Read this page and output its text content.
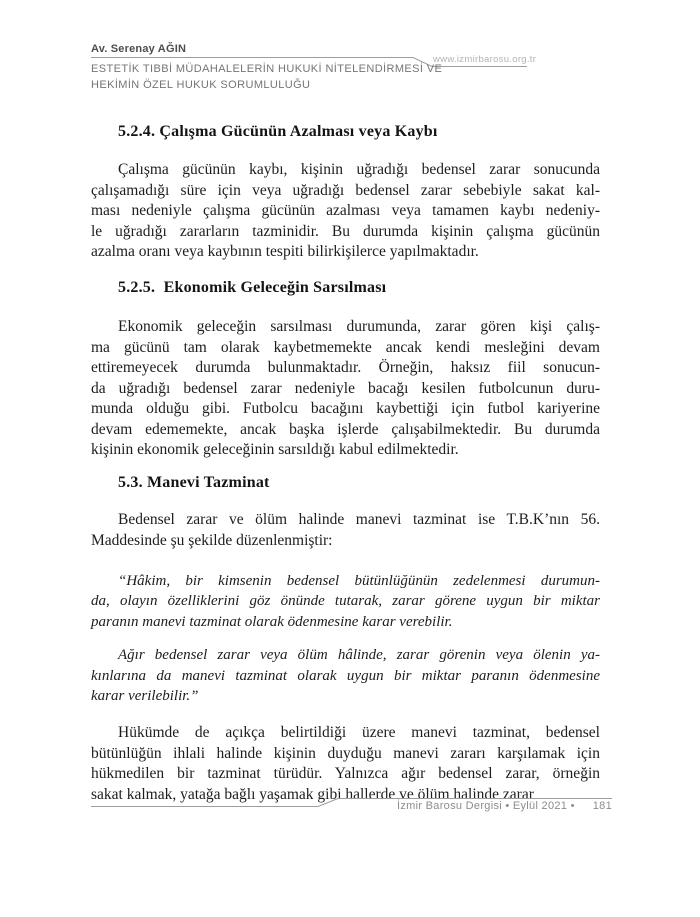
Av. Serenay AĞIN
www.izmirbarosu.org.tr
ESTETİK TIBBİ MÜDAHALELERİN HUKUKİ NİTELENDİRMESİ VE
HEKİMİN ÖZEL HUKUK SORUMLULUĞU
5.2.4. Çalışma Gücünün Azalması veya Kaybı
Çalışma gücünün kaybı, kişinin uğradığı bedensel zarar sonucunda
çalışamadığı süre için veya uğradığı bedensel zarar sebebiyle sakat kal-
ması nedeniyle çalışma gücünün azalması veya tamamen kaybı nedeniy-
le uğradığı zararların tazminidir. Bu durumda kişinin çalışma gücünün
azalma oranı veya kaybının tespiti bilirkişilerce yapılmaktadır.
5.2.5.  Ekonomik Geleceğin Sarsılması
Ekonomik geleceğin sarsılması durumunda, zarar gören kişi çalış-
ma gücünü tam olarak kaybetmemekte ancak kendi mesleğini devam
ettiremeyecek durumda bulunmaktadır. Örneğin, haksız fiil sonucun-
da uğradığı bedensel zarar nedeniyle bacağı kesilen futbolcunun duru-
munda olduğu gibi. Futbolcu bacağını kaybettiği için futbol kariyerine
devam edememekte, ancak başka işlerde çalışabilmektedir. Bu durumda
kişinin ekonomik geleceğinin sarsıldığı kabul edilmektedir.
5.3. Manevi Tazminat
Bedensel zarar ve ölüm halinde manevi tazminat ise T.B.K’nın 56.
Maddesinde şu şekilde düzenlenmiştir:
“Hâkim, bir kimsenin bedensel bütünlüğünün zedelenmesi durumun-
da, olayın özelliklerini göz önünde tutarak, zarar görene uygun bir miktar
paranın manevi tazminat olarak ödenmesine karar verebilir.
Ağır bedensel zarar veya ölüm hâlinde, zarar görenin veya ölenin ya-
kınlarına da manevi tazminat olarak uygun bir miktar paranın ödenmesine
karar verilebilir.”
Hükümde de açıkça belirtildiği üzere manevi tazminat, bedensel
bütünlüğün ihlali halinde kişinin duyduğu manevi zararı karşılamak için
hükmedilen bir tazminat türüdür. Yalnızca ağır bedensel zarar, örneğin
sakat kalmak, yatağa bağlı yaşamak gibi hallerde ve ölüm halinde zarar
İzmir Barosu Dergisi • Eylül 2021 • 181
